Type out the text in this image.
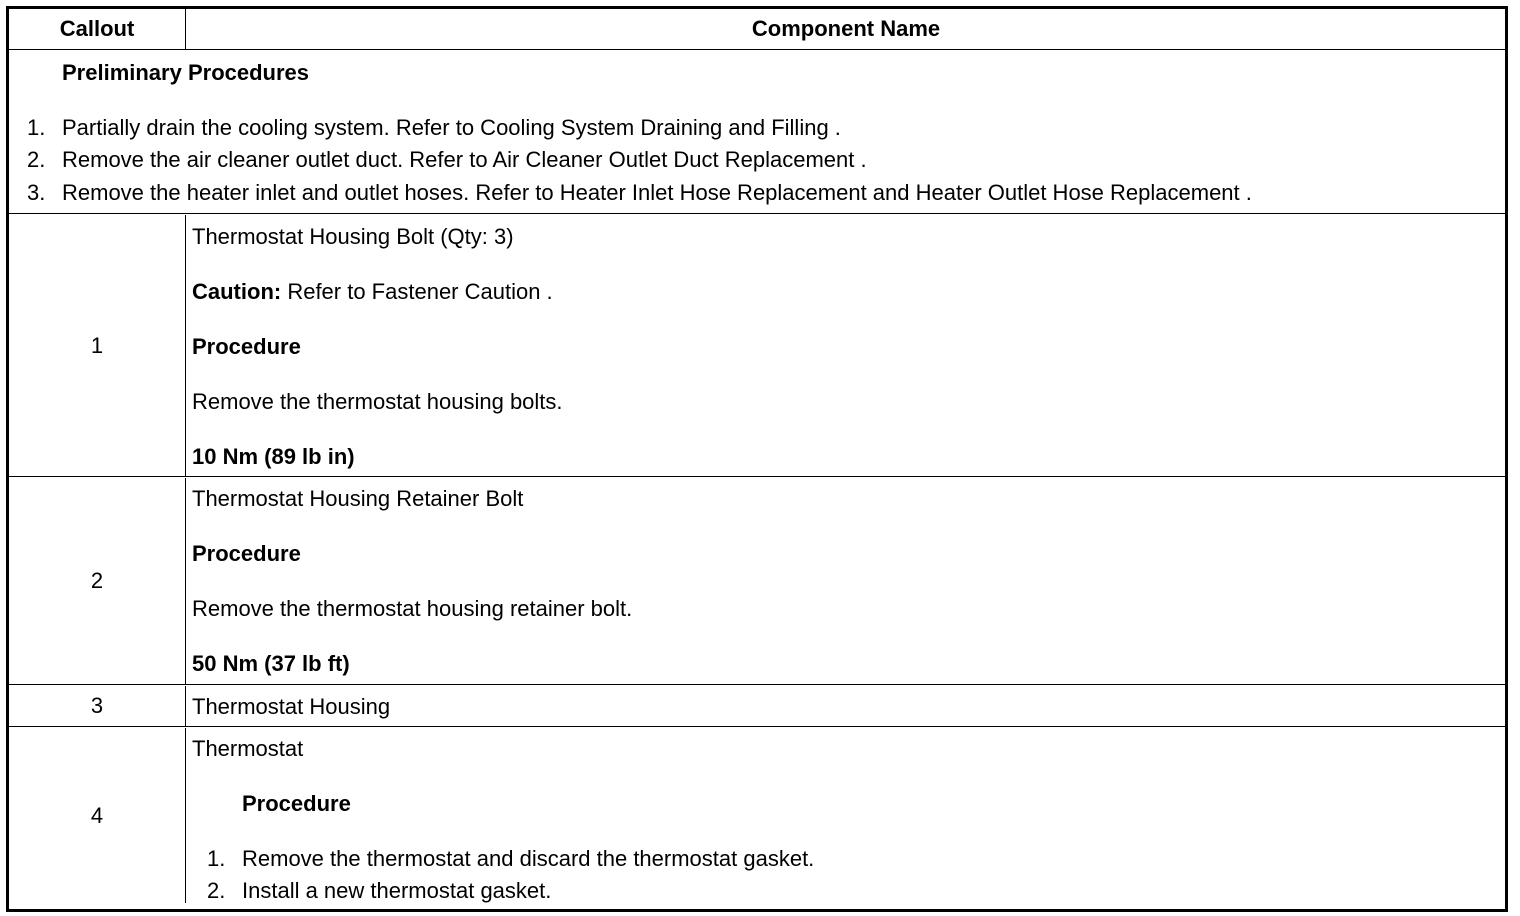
Callout	Component Name
Preliminary Procedures
1. Partially drain the cooling system. Refer to Cooling System Draining and Filling .
2. Remove the air cleaner outlet duct. Refer to Air Cleaner Outlet Duct Replacement .
3. Remove the heater inlet and outlet hoses. Refer to Heater Inlet Hose Replacement and Heater Outlet Hose Replacement .
1
Thermostat Housing Bolt (Qty: 3)
Caution: Refer to Fastener Caution .
Procedure
Remove the thermostat housing bolts.
10 Nm (89 lb in)
2
Thermostat Housing Retainer Bolt
Procedure
Remove the thermostat housing retainer bolt.
50 Nm (37 lb ft)
3	Thermostat Housing
4
Thermostat
Procedure
1. Remove the thermostat and discard the thermostat gasket.
2. Install a new thermostat gasket.
